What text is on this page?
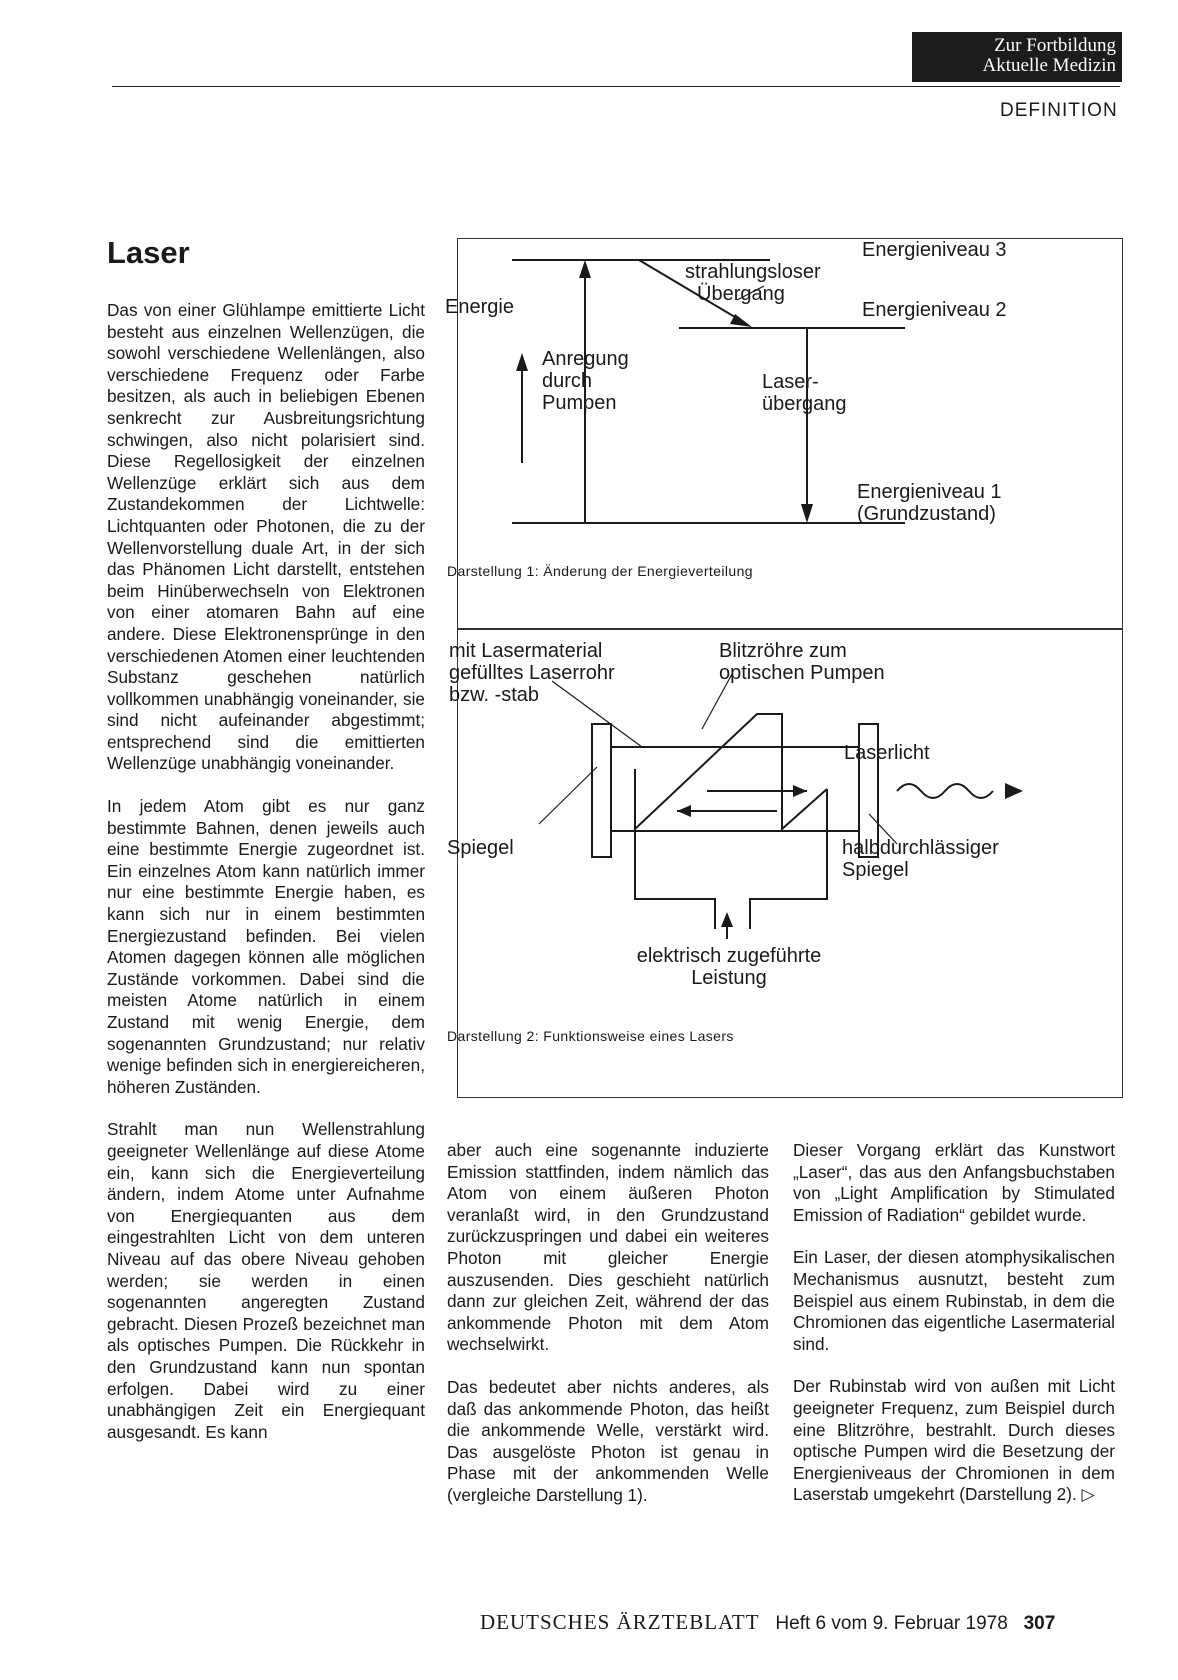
Zur Fortbildung
Aktuelle Medizin
DEFINITION
Laser

Das von einer Glühlampe emittierte Licht besteht aus einzelnen Wellenzügen, die sowohl verschiedene Wellenlängen, also verschiedene Frequenz oder Farbe besitzen, als auch in beliebigen Ebenen senkrecht zur Ausbreitungsrichtung schwingen, also nicht polarisiert sind. Diese Regellosigkeit der einzelnen Wellenzüge erklärt sich aus dem Zustandekommen der Lichtwelle: Lichtquanten oder Photonen, die zu der Wellenvorstellung duale Art, in der sich das Phänomen Licht darstellt, entstehen beim Hinüberwechseln von Elektronen von einer atomaren Bahn auf eine andere. Diese Elektronensprünge in den verschiedenen Atomen einer leuchtenden Substanz geschehen natürlich vollkommen unabhängig voneinander, sie sind nicht aufeinander abgestimmt; entsprechend sind die emittierten Wellenzüge unabhängig voneinander.

In jedem Atom gibt es nur ganz bestimmte Bahnen, denen jeweils auch eine bestimmte Energie zugeordnet ist. Ein einzelnes Atom kann natürlich immer nur eine bestimmte Energie haben, es kann sich nur in einem bestimmten Energiezustand befinden. Bei vielen Atomen dagegen können alle möglichen Zustände vorkommen. Dabei sind die meisten Atome natürlich in einem Zustand mit wenig Energie, dem sogenannten Grundzustand; nur relativ wenige befinden sich in energiereicheren, höheren Zuständen.

Strahlt man nun Wellenstrahlung geeigneter Wellenlänge auf diese Atome ein, kann sich die Energieverteilung ändern, indem Atome unter Aufnahme von Energiequanten aus dem eingestrahlten Licht von dem unteren Niveau auf das obere Niveau gehoben werden; sie werden in einen sogenannten angeregten Zustand gebracht. Diesen Prozeß bezeichnet man als optisches Pumpen. Die Rückkehr in den Grundzustand kann nun spontan erfolgen. Dabei wird zu einer unabhängigen Zeit ein Energiequant ausgesandt. Es kann

aber auch eine sogenannte induzierte Emission stattfinden, indem nämlich das Atom von einem äußeren Photon veranlaßt wird, in den Grundzustand zurückzuspringen und dabei ein weiteres Photon mit gleicher Energie auszusenden. Dies geschieht natürlich dann zur gleichen Zeit, während der das ankommende Photon mit dem Atom wechselwirkt.

Das bedeutet aber nichts anderes, als daß das ankommende Photon, das heißt die ankommende Welle, verstärkt wird. Das ausgelöste Photon ist genau in Phase mit der ankommenden Welle (vergleiche Darstellung 1).

Dieser Vorgang erklärt das Kunstwort „Laser“, das aus den Anfangsbuchstaben von „Light Amplification by Stimulated Emission of Radiation“ gebildet wurde.

Ein Laser, der diesen atomphysikalischen Mechanismus ausnutzt, besteht zum Beispiel aus einem Rubinstab, in dem die Chromionen das eigentliche Lasermaterial sind.

Der Rubinstab wird von außen mit Licht geeigneter Frequenz, zum Beispiel durch eine Blitzröhre, bestrahlt. Durch dieses optische Pumpen wird die Besetzung der Energieniveaus der Chromionen in dem Laserstab umgekehrt (Darstellung 2). ▷

Energieniveau 3
Energieniveau 2
Energieniveau 1
(Grundzustand)
strahlungsloser
Übergang
Energie
Anregung
durch
Pumpen
Laser-
übergang
Darstellung 1: Änderung der Energieverteilung
mit Lasermaterial
gefülltes Laserrohr
bzw. -stab
Blitzröhre zum
optischen Pumpen
Laserlicht
Spiegel	halbdurchlässiger
Spiegel
elektrisch zugeführte
Leistung
Darstellung 2: Funktionsweise eines Lasers
DEUTSCHES ÄRZTEBLATT Heft 6 vom 9. Februar 1978 307
